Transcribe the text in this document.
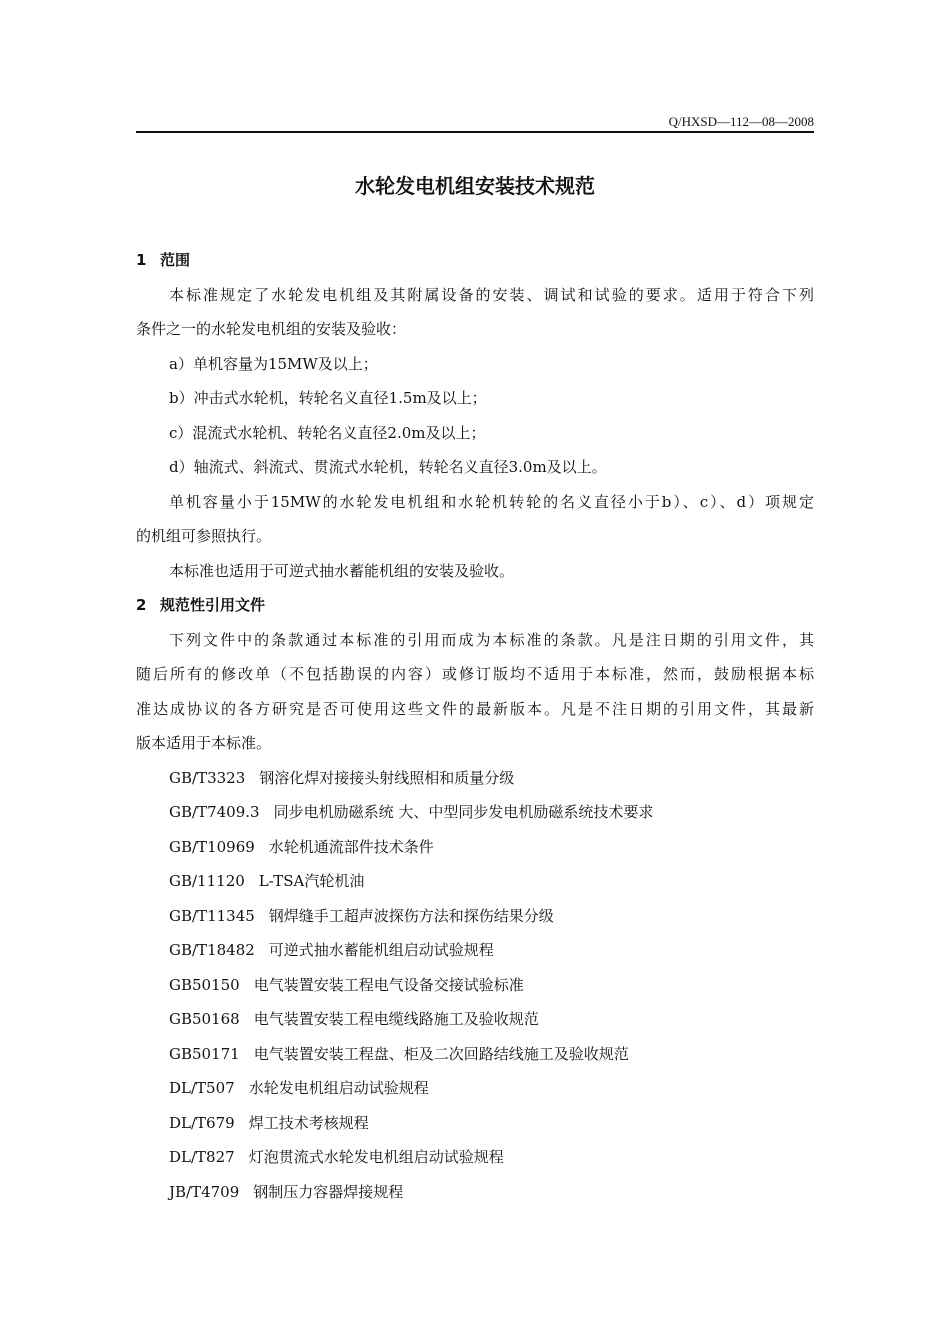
Q/HXSD—112—08—2008
水轮发电机组安装技术规范
1 范围
本标准规定了水轮发电机组及其附属设备的安装、调试和试验的要求。适用于符合下列
条件之一的水轮发电机组的安装及验收：
a）单机容量为15MW及以上；
b）冲击式水轮机，转轮名义直径1.5m及以上；
c）混流式水轮机、转轮名义直径2.0m及以上；
d）轴流式、斜流式、贯流式水轮机，转轮名义直径3.0m及以上。
单机容量小于15MW的水轮发电机组和水轮机转轮的名义直径小于b）、c）、d）项规定
的机组可参照执行。
本标准也适用于可逆式抽水蓄能机组的安装及验收。
2 规范性引用文件
下列文件中的条款通过本标准的引用而成为本标准的条款。凡是注日期的引用文件，其
随后所有的修改单（不包括勘误的内容）或修订版均不适用于本标准，然而，鼓励根据本标
准达成协议的各方研究是否可使用这些文件的最新版本。凡是不注日期的引用文件，其最新
版本适用于本标准。
GB/T3323 钢溶化焊对接接头射线照相和质量分级
GB/T7409.3 同步电机励磁系统 大、中型同步发电机励磁系统技术要求
GB/T10969 水轮机通流部件技术条件
GB/11120 L-TSA汽轮机油
GB/T11345 钢焊缝手工超声波探伤方法和探伤结果分级
GB/T18482 可逆式抽水蓄能机组启动试验规程
GB50150 电气装置安装工程电气设备交接试验标准
GB50168 电气装置安装工程电缆线路施工及验收规范
GB50171 电气装置安装工程盘、柜及二次回路结线施工及验收规范
DL/T507 水轮发电机组启动试验规程
DL/T679 焊工技术考核规程
DL/T827 灯泡贯流式水轮发电机组启动试验规程
JB/T4709 钢制压力容器焊接规程
